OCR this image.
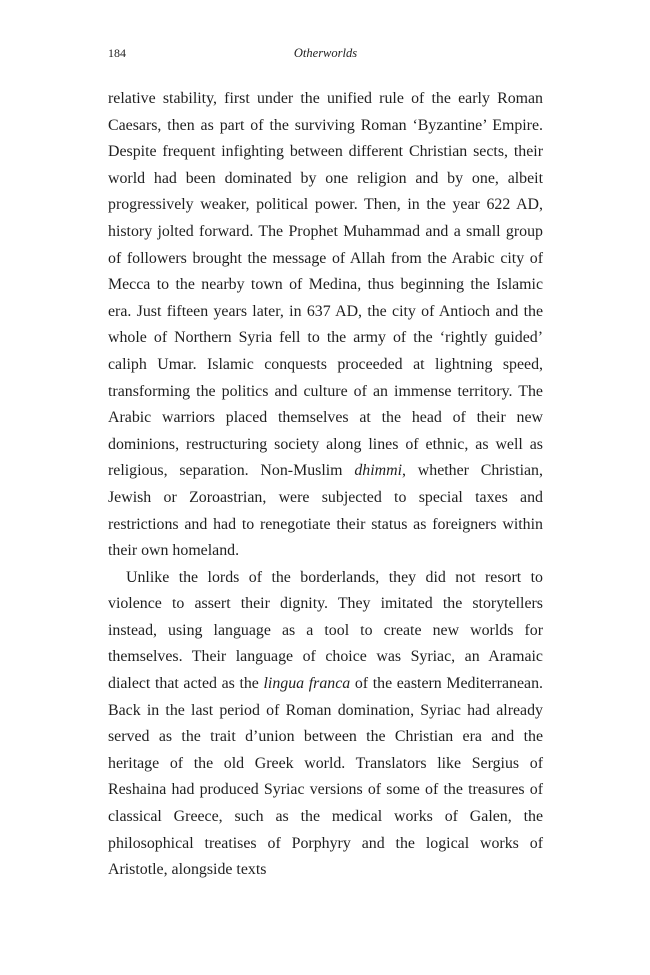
184	Otherworlds

relative stability, first under the unified rule of the early Roman Caesars, then as part of the surviving Roman ‘Byzantine’ Empire. Despite frequent infighting between different Christian sects, their world had been dominated by one religion and by one, albeit progressively weaker, political power. Then, in the year 622 AD, history jolted forward. The Prophet Muhammad and a small group of followers brought the message of Allah from the Arabic city of Mecca to the nearby town of Medina, thus beginning the Islamic era. Just fifteen years later, in 637 AD, the city of Antioch and the whole of Northern Syria fell to the army of the ‘rightly guided’ caliph Umar. Islamic conquests proceeded at lightning speed, transforming the politics and culture of an immense territory. The Arabic warriors placed themselves at the head of their new dominions, restructuring society along lines of ethnic, as well as religious, separation. Non-Muslim dhimmi, whether Christian, Jewish or Zoroastrian, were subjected to special taxes and restrictions and had to renegotiate their status as foreigners within their own homeland.

Unlike the lords of the borderlands, they did not resort to violence to assert their dignity. They imitated the storytellers instead, using language as a tool to create new worlds for themselves. Their language of choice was Syriac, an Aramaic dialect that acted as the lingua franca of the eastern Mediterranean. Back in the last period of Roman domination, Syriac had already served as the trait d’union between the Christian era and the heritage of the old Greek world. Translators like Sergius of Reshaina had produced Syriac versions of some of the treasures of classical Greece, such as the medical works of Galen, the philosophical treatises of Porphyry and the logical works of Aristotle, alongside texts
